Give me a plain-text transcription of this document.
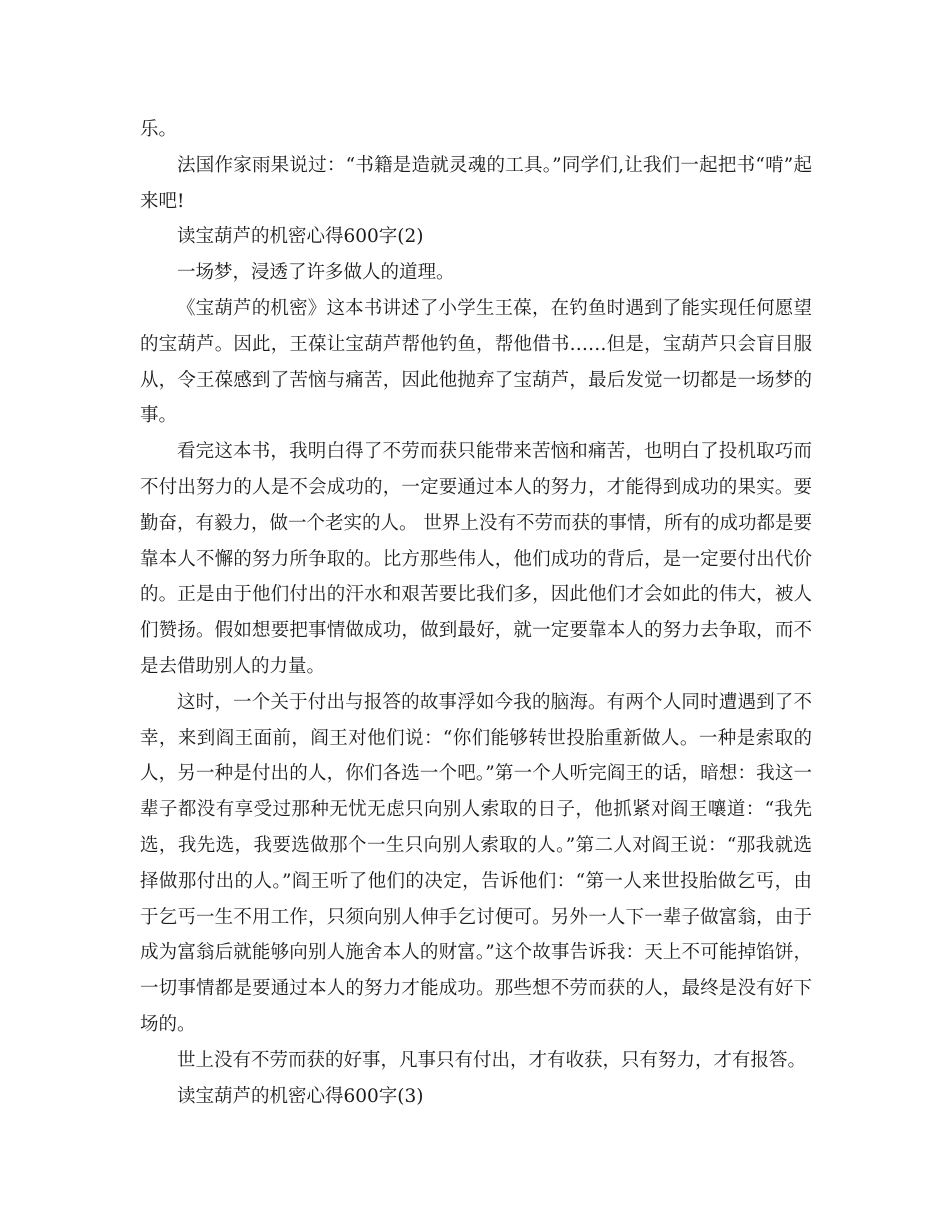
乐。

法国作家雨果说过：“书籍是造就灵魂的工具。”同学们,让我们一起把书“啃”起来吧!

读宝葫芦的机密心得600字(2)

一场梦，浸透了许多做人的道理。

《宝葫芦的机密》这本书讲述了小学生王葆，在钓鱼时遇到了能实现任何愿望的宝葫芦。因此，王葆让宝葫芦帮他钓鱼，帮他借书……但是，宝葫芦只会盲目服从，令王葆感到了苦恼与痛苦，因此他抛弃了宝葫芦，最后发觉一切都是一场梦的事。

看完这本书，我明白得了不劳而获只能带来苦恼和痛苦，也明白了投机取巧而不付出努力的人是不会成功的，一定要通过本人的努力，才能得到成功的果实。要勤奋，有毅力，做一个老实的人。 世界上没有不劳而获的事情，所有的成功都是要靠本人不懈的努力所争取的。比方那些伟人，他们成功的背后，是一定要付出代价的。正是由于他们付出的汗水和艰苦要比我们多，因此他们才会如此的伟大，被人们赞扬。假如想要把事情做成功，做到最好，就一定要靠本人的努力去争取，而不是去借助别人的力量。

这时，一个关于付出与报答的故事浮如今我的脑海。有两个人同时遭遇到了不幸，来到阎王面前，阎王对他们说：“你们能够转世投胎重新做人。一种是索取的人，另一种是付出的人，你们各选一个吧。”第一个人听完阎王的话，暗想：我这一辈子都没有享受过那种无忧无虑只向别人索取的日子，他抓紧对阎王嚷道：“我先选，我先选，我要选做那个一生只向别人索取的人。”第二人对阎王说：“那我就选择做那付出的人。”阎王听了他们的决定，告诉他们：“第一人来世投胎做乞丐，由于乞丐一生不用工作，只须向别人伸手乞讨便可。另外一人下一辈子做富翁，由于成为富翁后就能够向别人施舍本人的财富。”这个故事告诉我：天上不可能掉馅饼，一切事情都是要通过本人的努力才能成功。那些想不劳而获的人，最终是没有好下场的。

世上没有不劳而获的好事，凡事只有付出，才有收获，只有努力，才有报答。

读宝葫芦的机密心得600字(3)
